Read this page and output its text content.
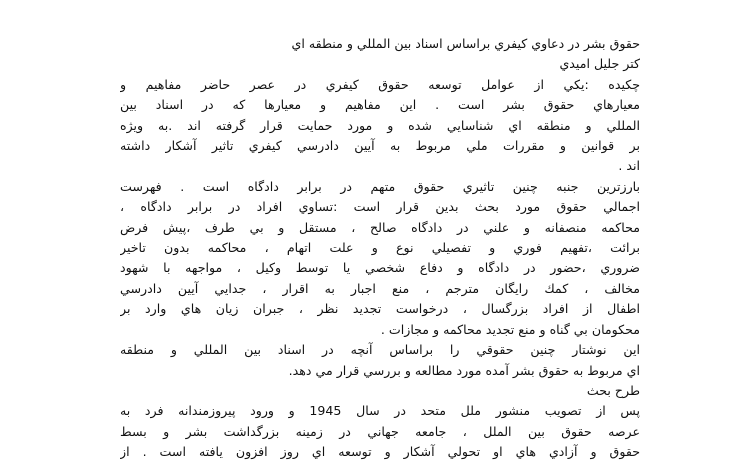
حقوق بشر در دعاوي كيفري براساس اسناد بين المللي و منطقه اي
كتر جليل اميدي
چكيده :يكي از عوامل توسعه حقوق كيفري در عصر حاضر مفاهيم و
معيارهاي حقوق بشر است . اين مفاهيم و معيارها كه در اسناد بين
المللي و منطقه اي شناسايي شده و مورد حمايت قرار گرفته اند .به ويژه
بر قوانين و مقررات ملي مربوط به آيين دادرسي كيفري تاثير آشكار داشته
اند .
بارزترين جنبه چنين تاثيري حقوق متهم در برابر دادگاه است . فهرست
اجمالي حقوق مورد بحث بدين قرار است :تساوي افراد در برابر دادگاه ،
محاكمه منصفانه و علني در دادگاه صالح ، مستقل و بي طرف ،پيش فرض
برائت ،تفهيم فوري و تفصيلي نوع و علت اتهام ، محاكمه بدون تاخير
ضروري ،حضور در دادگاه و دفاع شخصي يا توسط وكيل ، مواجهه با شهود
مخالف ، كمك رايگان مترجم ، منع اجبار به اقرار ، جدايي آيين دادرسي
اطفال از افراد بزرگسال ، درخواست تجديد نظر ، جبران زيان هاي وارد بر
محكومان بي گناه و منع تجديد محاكمه و مجازات .
اين نوشتار چنين حقوقي را براساس آنچه در اسناد بين المللي و منطقه
اي مربوط به حقوق بشر آمده مورد مطالعه و بررسي قرار مي دهد.
طرح بحث
پس از تصويب منشور ملل متحد در سال 1945 و ورود پيروزمندانه فرد به
عرصه حقوق بين الملل ، جامعه جهاني در زمينه بزرگداشت بشر و بسط
حقوق و آزادي هاي او تحولي آشكار و توسعه اي روز افزون يافته است . از
